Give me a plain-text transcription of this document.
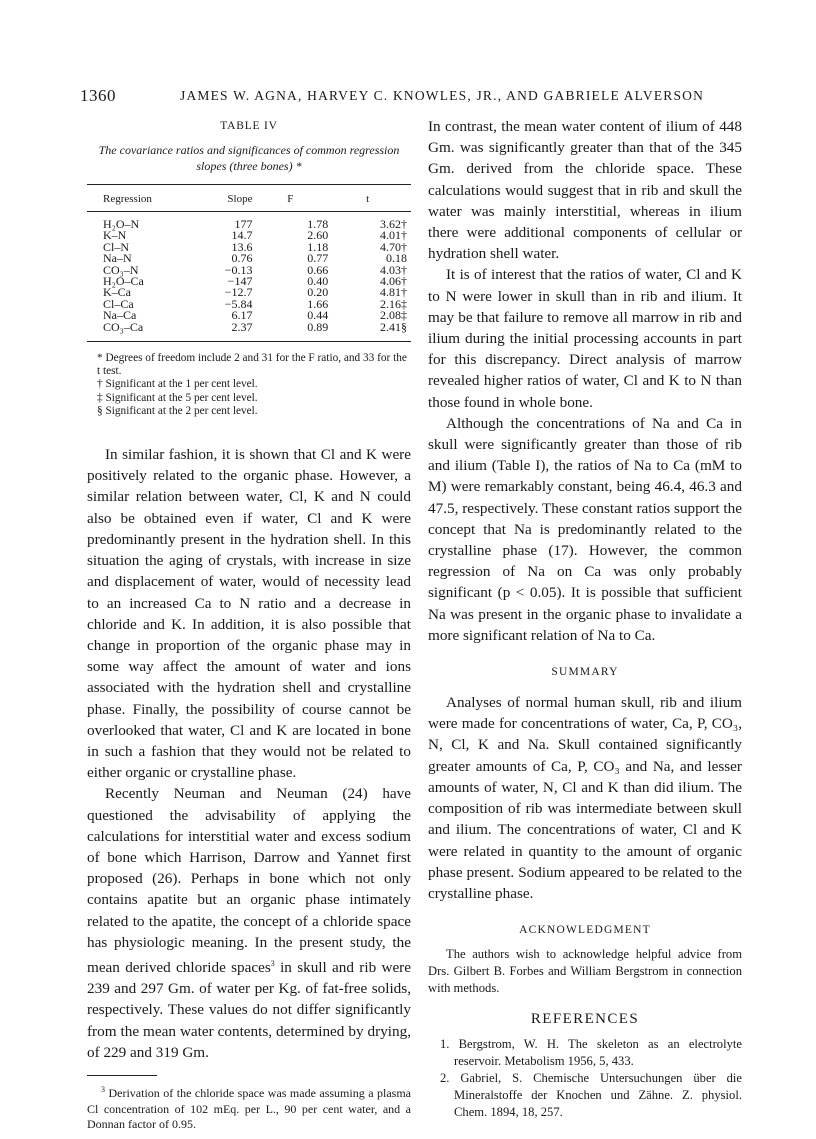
1360	JAMES W. AGNA, HARVEY C. KNOWLES, JR., AND GABRIELE ALVERSON
TABLE IV
The covariance ratios and significances of common regression slopes (three bones) *
Regression	Slope	F	t
H₂O–N	177	1.78	3.62†
K–N	14.7	2.60	4.01†
Cl–N	13.6	1.18	4.70†
Na–N	0.76	0.77	0.18
CO₃–N	−0.13	0.66	4.03†
H₂O–Ca	−147	0.40	4.06†
K–Ca	−12.7	0.20	4.81†
Cl–Ca	−5.84	1.66	2.16‡
Na–Ca	6.17	0.44	2.08‡
CO₃–Ca	2.37	0.89	2.41§
* Degrees of freedom include 2 and 31 for the F ratio, and 33 for the t test.
† Significant at the 1 per cent level.
‡ Significant at the 5 per cent level.
§ Significant at the 2 per cent level.

In similar fashion, it is shown that Cl and K were positively related to the organic phase. However, a similar relation between water, Cl, K and N could also be obtained even if water, Cl and K were predominantly present in the hydration shell. In this situation the aging of crystals, with increase in size and displacement of water, would of necessity lead to an increased Ca to N ratio and a decrease in chloride and K. In addition, it is also possible that change in proportion of the organic phase may in some way affect the amount of water and ions associated with the hydration shell and crystalline phase. Finally, the possibility of course cannot be overlooked that water, Cl and K are located in bone in such a fashion that they would not be related to either organic or crystalline phase.

Recently Neuman and Neuman (24) have questioned the advisability of applying the calculations for interstitial water and excess sodium of bone which Harrison, Darrow and Yannet first proposed (26). Perhaps in bone which not only contains apatite but an organic phase intimately related to the apatite, the concept of a chloride space has physiologic meaning. In the present study, the mean derived chloride spaces$^3$ in skull and rib were 239 and 297 Gm. of water per Kg. of fat-free solids, respectively. These values do not differ significantly from the mean water contents, determined by drying, of 229 and 319 Gm.

$^3$ Derivation of the chloride space was made assuming a plasma Cl concentration of 102 mEq. per L., 90 per cent water, and a Donnan factor of 0.95.

In contrast, the mean water content of ilium of 448 Gm. was significantly greater than that of the 345 Gm. derived from the chloride space. These calculations would suggest that in rib and skull the water was mainly interstitial, whereas in ilium there were additional components of cellular or hydration shell water.

It is of interest that the ratios of water, Cl and K to N were lower in skull than in rib and ilium. It may be that failure to remove all marrow in rib and ilium during the initial processing accounts in part for this discrepancy. Direct analysis of marrow revealed higher ratios of water, Cl and K to N than those found in whole bone.

Although the concentrations of Na and Ca in skull were significantly greater than those of rib and ilium (Table I), the ratios of Na to Ca (mM to M) were remarkably constant, being 46.4, 46.3 and 47.5, respectively. These constant ratios support the concept that Na is predominantly related to the crystalline phase (17). However, the common regression of Na on Ca was only probably significant (p < 0.05). It is possible that sufficient Na was present in the organic phase to invalidate a more significant relation of Na to Ca.

SUMMARY

Analyses of normal human skull, rib and ilium were made for concentrations of water, Ca, P, CO₃, N, Cl, K and Na. Skull contained significantly greater amounts of Ca, P, CO₃ and Na, and lesser amounts of water, N, Cl and K than did ilium. The composition of rib was intermediate between skull and ilium. The concentrations of water, Cl and K were related in quantity to the amount of organic phase present. Sodium appeared to be related to the crystalline phase.

ACKNOWLEDGMENT

The authors wish to acknowledge helpful advice from Drs. Gilbert B. Forbes and William Bergstrom in connection with methods.

REFERENCES

1. Bergstrom, W. H. The skeleton as an electrolyte reservoir. Metabolism 1956, 5, 433.

2. Gabriel, S. Chemische Untersuchungen über die Mineralstoffe der Knochen und Zähne. Z. physiol. Chem. 1894, 18, 257.
